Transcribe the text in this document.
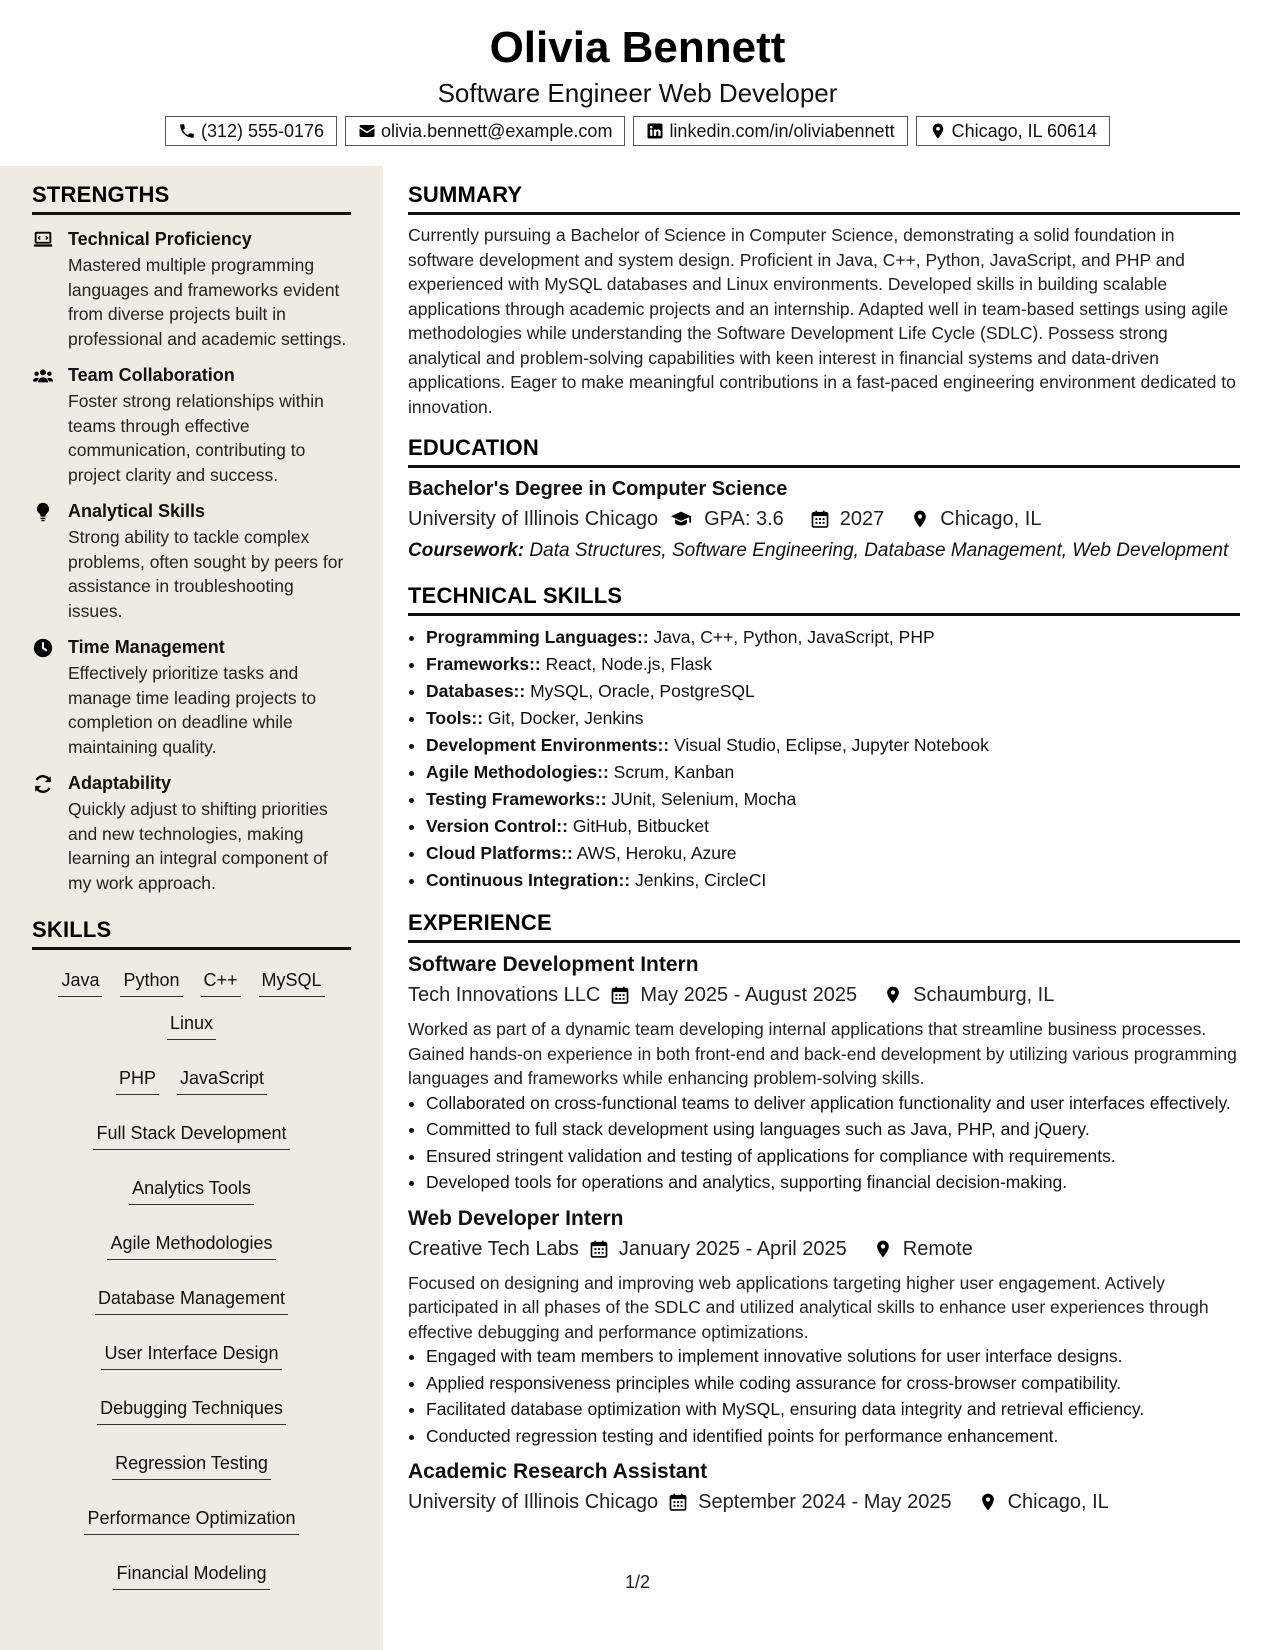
Olivia Bennett

Software Engineer Web Developer

(312) 555-0176	olivia.bennett@example.com	linkedin.com/in/oliviabennett	Chicago, IL 60614
STRENGTHS

Technical Proficiency

Mastered multiple programming languages and frameworks evident from diverse projects built in professional and academic settings.

Team Collaboration

Foster strong relationships within teams through effective communication, contributing to project clarity and success.

Analytical Skills

Strong ability to tackle complex problems, often sought by peers for assistance in troubleshooting issues.

Time Management

Effectively prioritize tasks and manage time leading projects to completion on deadline while maintaining quality.

Adaptability

Quickly adjust to shifting priorities and new technologies, making learning an integral component of my work approach.

SKILLS
Java Python C++ MySQL
Linux
PHP JavaScript
Full Stack Development
Analytics Tools
Agile Methodologies
Database Management
User Interface Design
Debugging Techniques
Regression Testing
Performance Optimization
Financial Modeling
SUMMARY

Currently pursuing a Bachelor of Science in Computer Science, demonstrating a solid foundation in software development and system design. Proficient in Java, C++, Python, JavaScript, and PHP and experienced with MySQL databases and Linux environments. Developed skills in building scalable applications through academic projects and an internship. Adapted well in team-based settings using agile methodologies while understanding the Software Development Life Cycle (SDLC). Possess strong analytical and problem-solving capabilities with keen interest in financial systems and data-driven applications. Eager to make meaningful contributions in a fast-paced engineering environment dedicated to innovation.

EDUCATION

Bachelor's Degree in Computer Science

University of Illinois Chicago GPA: 3.6	2027	Chicago, IL

Coursework: Data Structures, Software Engineering, Database Management, Web Development

TECHNICAL SKILLS
• Programming Languages:: Java, C++, Python, JavaScript, PHP
• Frameworks:: React, Node.js, Flask
• Databases:: MySQL, Oracle, PostgreSQL
• Tools:: Git, Docker, Jenkins
• Development Environments:: Visual Studio, Eclipse, Jupyter Notebook
• Agile Methodologies:: Scrum, Kanban
• Testing Frameworks:: JUnit, Selenium, Mocha
• Version Control:: GitHub, Bitbucket
• Cloud Platforms:: AWS, Heroku, Azure
• Continuous Integration:: Jenkins, CircleCI
EXPERIENCE

Software Development Intern

Tech Innovations LLC May 2025 - August 2025	Schaumburg, IL

Worked as part of a dynamic team developing internal applications that streamline business processes. Gained hands-on experience in both front-end and back-end development by utilizing various programming languages and frameworks while enhancing problem-solving skills.

• Collaborated on cross-functional teams to deliver application functionality and user interfaces effectively.
• Committed to full stack development using languages such as Java, PHP, and jQuery.
• Ensured stringent validation and testing of applications for compliance with requirements.
• Developed tools for operations and analytics, supporting financial decision-making.

Web Developer Intern

Creative Tech Labs January 2025 - April 2025	Remote

Focused on designing and improving web applications targeting higher user engagement. Actively participated in all phases of the SDLC and utilized analytical skills to enhance user experiences through effective debugging and performance optimizations.

• Engaged with team members to implement innovative solutions for user interface designs.
• Applied responsiveness principles while coding assurance for cross-browser compatibility.
• Facilitated database optimization with MySQL, ensuring data integrity and retrieval efficiency.
• Conducted regression testing and identified points for performance enhancement.

Academic Research Assistant

University of Illinois Chicago September 2024 - May 2025	Chicago, IL
1/2
